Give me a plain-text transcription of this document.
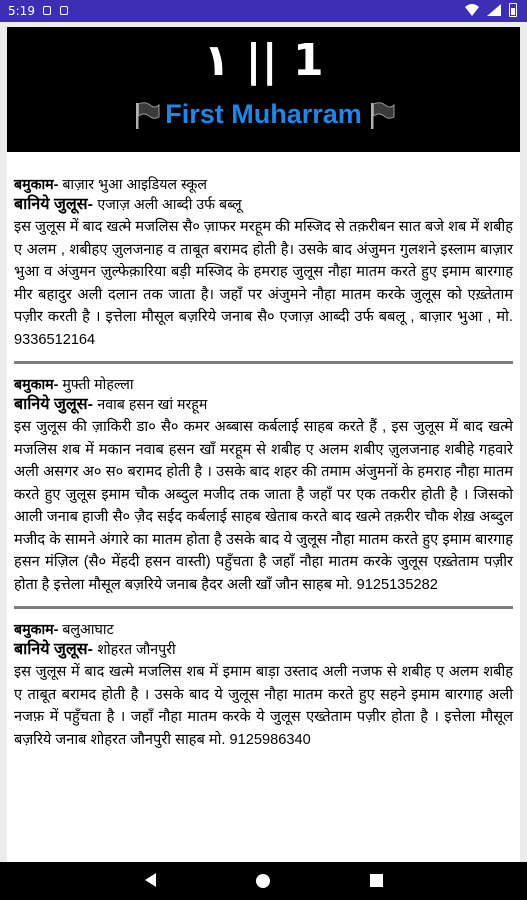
5:19
١ || 1
First Muharram
बमुकाम- बाज़ार भुआ आइडियल स्कूल
बानिये जुलूस- एजाज़ अली आब्दी उर्फ बब्लू
इस जुलूस में बाद खत्मे मजलिस सै० ज़ाफर मरहूम की मस्जिद से तक़रीबन सात बजे शब में शबीह ए अलम , शबीहए ज़ुलजनाह व ताबूत बरामद होती है। उसके बाद अंजुमन गुलशने इस्लाम बाज़ार भुआ व अंजुमन ज़ुल्फेक़ारिया बड़ी मस्जिद के हमराह जुलूस नौहा मातम करते हुए इमाम बारगाह मीर बहादुर अली दलान तक जाता है। जहाँ पर अंजुमने नौहा मातम करके जुलूस को एख़्तेताम पज़ीर करती है । इत्तेला मौसूल बज़रिये जनाब सै० एजाज़ आब्दी उर्फ बबलू , बाज़ार भुआ , मो. 9336512164
बमुकाम- मुफ्ती मोहल्ला
बानिये जुलूस- नवाब हसन खां मरहूम
इस जुलूस की ज़ाकिरी डा० सै० कमर अब्बास कर्बलाई साहब करते हैं , इस जुलूस में बाद खत्मे मजलिस शब में मकान नवाब हसन खाँ मरहूम से शबीह ए अलम शबीए ज़ुलजनाह शबीहे गहवारे अली असगर अ० स० बरामद होती है । उसके बाद शहर की तमाम अंजुमनों के हमराह नौहा मातम करते हुए जुलूस इमाम चौक अब्दुल मजीद तक जाता है जहाँ पर एक तकरीर होती है । जिसको आली जनाब हाजी सै० ज़ैद सईद कर्बलाई साहब खेताब करते बाद खत्मे तक़रीर चौक शेख़ अब्दुल मजीद के सामने अंगारे का मातम होता है उसके बाद ये जुलूस नौहा मातम करते हुए इमाम बारगाह हसन मंज़िल (सै० मेंहदी हसन वास्ती) पहुँचता है जहाँ नौहा मातम करके जुलूस एख़्तेताम पज़ीर होता है इत्तेला मौसूल बज़रिये जनाब हैदर अली खाँ जौन साहब मो. 9125135282
बमुकाम- बलुआघाट
बानिये जुलूस- शोहरत जौनपुरी
इस जुलूस में बाद खत्मे मजलिस शब में इमाम बाड़ा उस्ताद अली नजफ से शबीह ए अलम शबीह ए ताबूत बरामद होती है । उसके बाद ये जुलूस नौहा मातम करते हुए सहने इमाम बारगाह अली नजफ़ में पहुँचता है । जहाँ नौहा मातम करके ये जुलूस एख्तेताम पज़ीर होता है । इत्तेला मौसूल बज़रिये जनाब शोहरत जौनपुरी साहब मो. 9125986340
